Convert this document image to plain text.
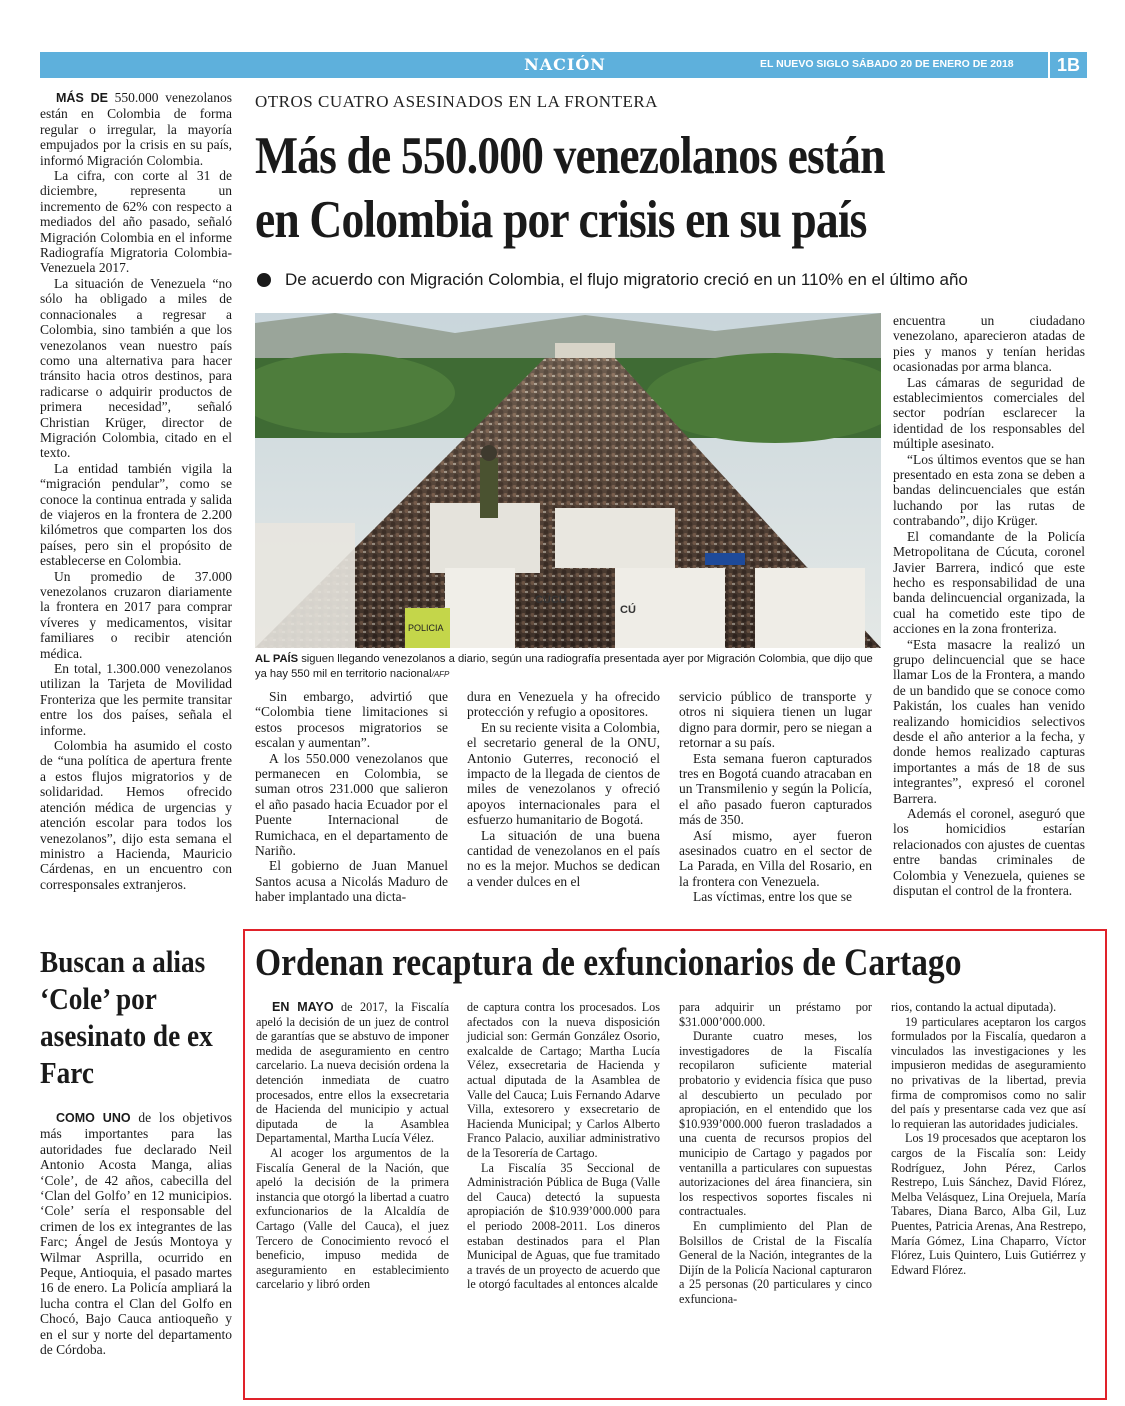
NACIÓN	EL NUEVO SIGLO SÁBADO 20 DE ENERO DE 2018	1B

MÁS DE 550.000 venezolanos están en Colombia de forma regular o irregular, la mayoría empujados por la crisis en su país, informó Migración Colombia.

La cifra, con corte al 31 de diciembre, representa un incremento de 62% con respecto a mediados del año pasado, señaló Migración Colombia en el informe Radiografía Migratoria Colombia-Venezuela 2017.

La situación de Venezuela “no sólo ha obligado a miles de connacionales a regresar a Colombia, sino también a que los venezolanos vean nuestro país como una alternativa para hacer tránsito hacia otros destinos, para radicarse o adquirir productos de primera necesidad”, señaló Christian Krüger, director de Migración Colombia, citado en el texto.

La entidad también vigila la “migración pendular”, como se conoce la continua entrada y salida de viajeros en la frontera de 2.200 kilómetros que comparten los dos países, pero sin el propósito de establecerse en Colombia.

Un promedio de 37.000 venezolanos cruzaron diariamente la frontera en 2017 para comprar víveres y medicamentos, visitar familiares o recibir atención médica.

En total, 1.300.000 venezolanos utilizan la Tarjeta de Movilidad Fronteriza que les permite transitar entre los dos países, señala el informe.

Colombia ha asumido el costo de “una política de apertura frente a estos flujos migratorios y de solidaridad. Hemos ofrecido atención médica de urgencias y atención escolar para todos los venezolanos”, dijo esta semana el ministro a Hacienda, Mauricio Cárdenas, en un encuentro con corresponsales extranjeros.

OTROS CUATRO ASESINADOS EN LA FRONTERA
Más de 550.000 venezolanos están
en Colombia por crisis en su país
De acuerdo con Migración Colombia, el flujo migratorio creció en un 110% en el último año
POLICIA
CÚCU
CÚ
AL PAÍS siguen llegando venezolanos a diario, según una radiografía presentada ayer por Migración Colombia, que dijo que ya hay 550 mil en territorio nacional/AFP

Sin embargo, advirtió que “Colombia tiene limitaciones si estos procesos migratorios se escalan y aumentan”.

A los 550.000 venezolanos que permanecen en Colombia, se suman otros 231.000 que salieron el año pasado hacia Ecuador por el Puente Internacional de Rumichaca, en el departamento de Nariño.

El gobierno de Juan Manuel Santos acusa a Nicolás Maduro de haber implantado una dicta-

dura en Venezuela y ha ofrecido protección y refugio a opositores.

En su reciente visita a Colombia, el secretario general de la ONU, Antonio Guterres, reconoció el impacto de la llegada de cientos de miles de venezolanos y ofreció apoyos internacionales para el esfuerzo humanitario de Bogotá.

La situación de una buena cantidad de venezolanos en el país no es la mejor. Muchos se dedican a vender dulces en el

servicio público de transporte y otros ni siquiera tienen un lugar digno para dormir, pero se niegan a retornar a su país.

Esta semana fueron capturados tres en Bogotá cuando atracaban en un Transmilenio y según la Policía, el año pasado fueron capturados más de 350.

Así mismo, ayer fueron asesinados cuatro en el sector de La Parada, en Villa del Rosario, en la frontera con Venezuela.

Las víctimas, entre los que se

encuentra un ciudadano venezolano, aparecieron atadas de pies y manos y tenían heridas ocasionadas por arma blanca.

Las cámaras de seguridad de establecimientos comerciales del sector podrían esclarecer la identidad de los responsables del múltiple asesinato.

“Los últimos eventos que se han presentado en esta zona se deben a bandas delincuenciales que están luchando por las rutas de contrabando”, dijo Krüger.

El comandante de la Policía Metropolitana de Cúcuta, coronel Javier Barrera, indicó que este hecho es responsabilidad de una banda delincuencial organizada, la cual ha cometido este tipo de acciones en la zona fronteriza.

“Esta masacre la realizó un grupo delincuencial que se hace llamar Los de la Frontera, a mando de un bandido que se conoce como Pakistán, los cuales han venido realizando homicidios selectivos desde el año anterior a la fecha, y donde hemos realizado capturas importantes a más de 18 de sus integrantes”, expresó el coronel Barrera.

Además el coronel, aseguró que los homicidios estarían relacionados con ajustes de cuentas entre bandas criminales de Colombia y Venezuela, quienes se disputan el control de la frontera.

Buscan a alias ‘Cole’ por asesinato de ex Farc

COMO UNO de los objetivos más importantes para las autoridades fue declarado Neil Antonio Acosta Manga, alias ‘Cole’, de 42 años, cabecilla del ‘Clan del Golfo’ en 12 municipios. ‘Cole’ sería el responsable del crimen de los ex integrantes de las Farc; Ángel de Jesús Montoya y Wilmar Asprilla, ocurrido en Peque, Antioquia, el pasado martes 16 de enero. La Policía ampliará la lucha contra el Clan del Golfo en Chocó, Bajo Cauca antioqueño y en el sur y norte del departamento de Córdoba.

Ordenan recaptura de exfuncionarios de Cartago

EN MAYO de 2017, la Fiscalía apeló la decisión de un juez de control de garantías que se abstuvo de imponer medida de aseguramiento en centro carcelario. La nueva decisión ordena la detención inmediata de cuatro procesados, entre ellos la exsecretaria de Hacienda del municipio y actual diputada de la Asamblea Departamental, Martha Lucía Vélez.

Al acoger los argumentos de la Fiscalía General de la Nación, que apeló la decisión de la primera instancia que otorgó la libertad a cuatro exfuncionarios de la Alcaldía de Cartago (Valle del Cauca), el juez Tercero de Conocimiento revocó el beneficio, impuso medida de aseguramiento en establecimiento carcelario y libró orden

de captura contra los procesados. Los afectados con la nueva disposición judicial son: Germán González Osorio, exalcalde de Cartago; Martha Lucía Vélez, exsecretaria de Hacienda y actual diputada de la Asamblea de Valle del Cauca; Luis Fernando Adarve Villa, extesorero y exsecretario de Hacienda Municipal; y Carlos Alberto Franco Palacio, auxiliar administrativo de la Tesorería de Cartago.

La Fiscalía 35 Seccional de Administración Pública de Buga (Valle del Cauca) detectó la supuesta apropiación de $10.939’000.000 para el periodo 2008-2011. Los dineros estaban destinados para el Plan Municipal de Aguas, que fue tramitado a través de un proyecto de acuerdo que le otorgó facultades al entonces alcalde

para adquirir un préstamo por $31.000’000.000.

Durante cuatro meses, los investigadores de la Fiscalía recopilaron suficiente material probatorio y evidencia física que puso al descubierto un peculado por apropiación, en el entendido que los $10.939’000.000 fueron trasladados a una cuenta de recursos propios del municipio de Cartago y pagados por ventanilla a particulares con supuestas autorizaciones del área financiera, sin los respectivos soportes fiscales ni contractuales.

En cumplimiento del Plan de Bolsillos de Cristal de la Fiscalía General de la Nación, integrantes de la Dijín de la Policía Nacional capturaron a 25 personas (20 particulares y cinco exfunciona-

rios, contando la actual diputada).

19 particulares aceptaron los cargos formulados por la Fiscalía, quedaron a vinculados las investigaciones y les impusieron medidas de aseguramiento no privativas de la libertad, previa firma de compromisos como no salir del país y presentarse cada vez que así lo requieran las autoridades judiciales.

Los 19 procesados que aceptaron los cargos de la Fiscalía son: Leidy Rodríguez, John Pérez, Carlos Restrepo, Luis Sánchez, David Flórez, Melba Velásquez, Lina Orejuela, María Tabares, Diana Barco, Alba Gil, Luz Puentes, Patricia Arenas, Ana Restrepo, María Gómez, Lina Chaparro, Víctor Flórez, Luis Quintero, Luis Gutiérrez y Edward Flórez.
